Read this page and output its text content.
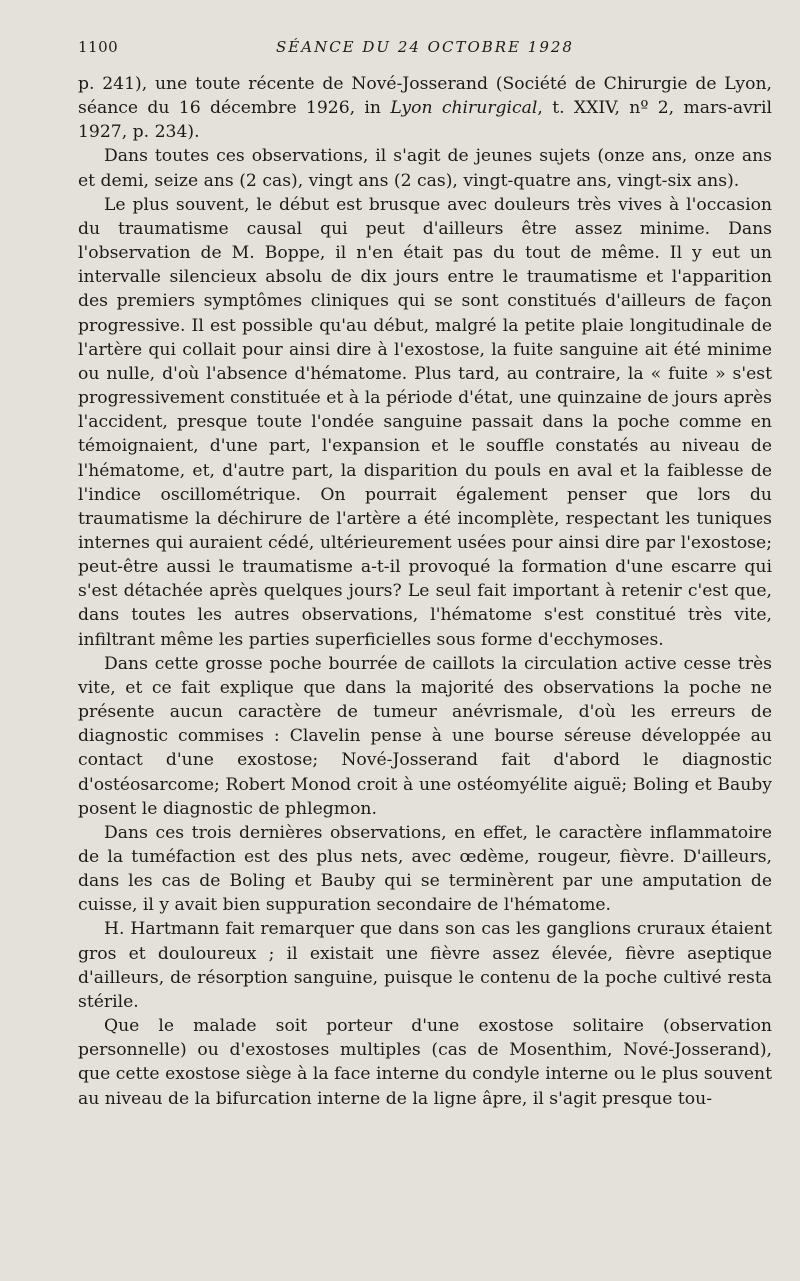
1100	SÉANCE DU 24 OCTOBRE 1928

p. 241), une toute récente de Nové-Josserand (Société de Chirurgie de Lyon, séance du 16 décembre 1926, in Lyon chirurgical, t. XXIV, nº 2, mars-avril 1927, p. 234).

Dans toutes ces observations, il s'agit de jeunes sujets (onze ans, onze ans et demi, seize ans (2 cas), vingt ans (2 cas), vingt-quatre ans, vingt-six ans).

Le plus souvent, le début est brusque avec douleurs très vives à l'occasion du traumatisme causal qui peut d'ailleurs être assez minime. Dans l'observation de M. Boppe, il n'en était pas du tout de même. Il y eut un intervalle silencieux absolu de dix jours entre le traumatisme et l'apparition des premiers symptômes cliniques qui se sont constitués d'ailleurs de façon progressive. Il est possible qu'au début, malgré la petite plaie longitudinale de l'artère qui collait pour ainsi dire à l'exostose, la fuite sanguine ait été minime ou nulle, d'où l'absence d'hématome. Plus tard, au contraire, la « fuite » s'est progressivement constituée et à la période d'état, une quinzaine de jours après l'accident, presque toute l'ondée sanguine passait dans la poche comme en témoignaient, d'une part, l'expansion et le souffle constatés au niveau de l'hématome, et, d'autre part, la disparition du pouls en aval et la faiblesse de l'indice oscillométrique. On pourrait également penser que lors du traumatisme la déchirure de l'artère a été incomplète, respectant les tuniques internes qui auraient cédé, ultérieurement usées pour ainsi dire par l'exostose; peut-être aussi le traumatisme a-t-il provoqué la formation d'une escarre qui s'est détachée après quelques jours? Le seul fait important à retenir c'est que, dans toutes les autres observations, l'hématome s'est constitué très vite, infiltrant même les parties superficielles sous forme d'ecchymoses.

Dans cette grosse poche bourrée de caillots la circulation active cesse très vite, et ce fait explique que dans la majorité des observations la poche ne présente aucun caractère de tumeur anévrismale, d'où les erreurs de diagnostic commises : Clavelin pense à une bourse séreuse développée au contact d'une exostose; Nové-Josserand fait d'abord le diagnostic d'ostéosarcome; Robert Monod croit à une ostéomyélite aiguë; Boling et Bauby posent le diagnostic de phlegmon.

Dans ces trois dernières observations, en effet, le caractère inflammatoire de la tuméfaction est des plus nets, avec œdème, rougeur, fièvre. D'ailleurs, dans les cas de Boling et Bauby qui se terminèrent par une amputation de cuisse, il y avait bien suppuration secondaire de l'hématome.

H. Hartmann fait remarquer que dans son cas les ganglions cruraux étaient gros et douloureux ; il existait une fièvre assez élevée, fièvre aseptique d'ailleurs, de résorption sanguine, puisque le contenu de la poche cultivé resta stérile.

Que le malade soit porteur d'une exostose solitaire (observation personnelle) ou d'exostoses multiples (cas de Mosenthim, Nové-Josserand), que cette exostose siège à la face interne du condyle interne ou le plus souvent au niveau de la bifurcation interne de la ligne âpre, il s'agit presque tou-
